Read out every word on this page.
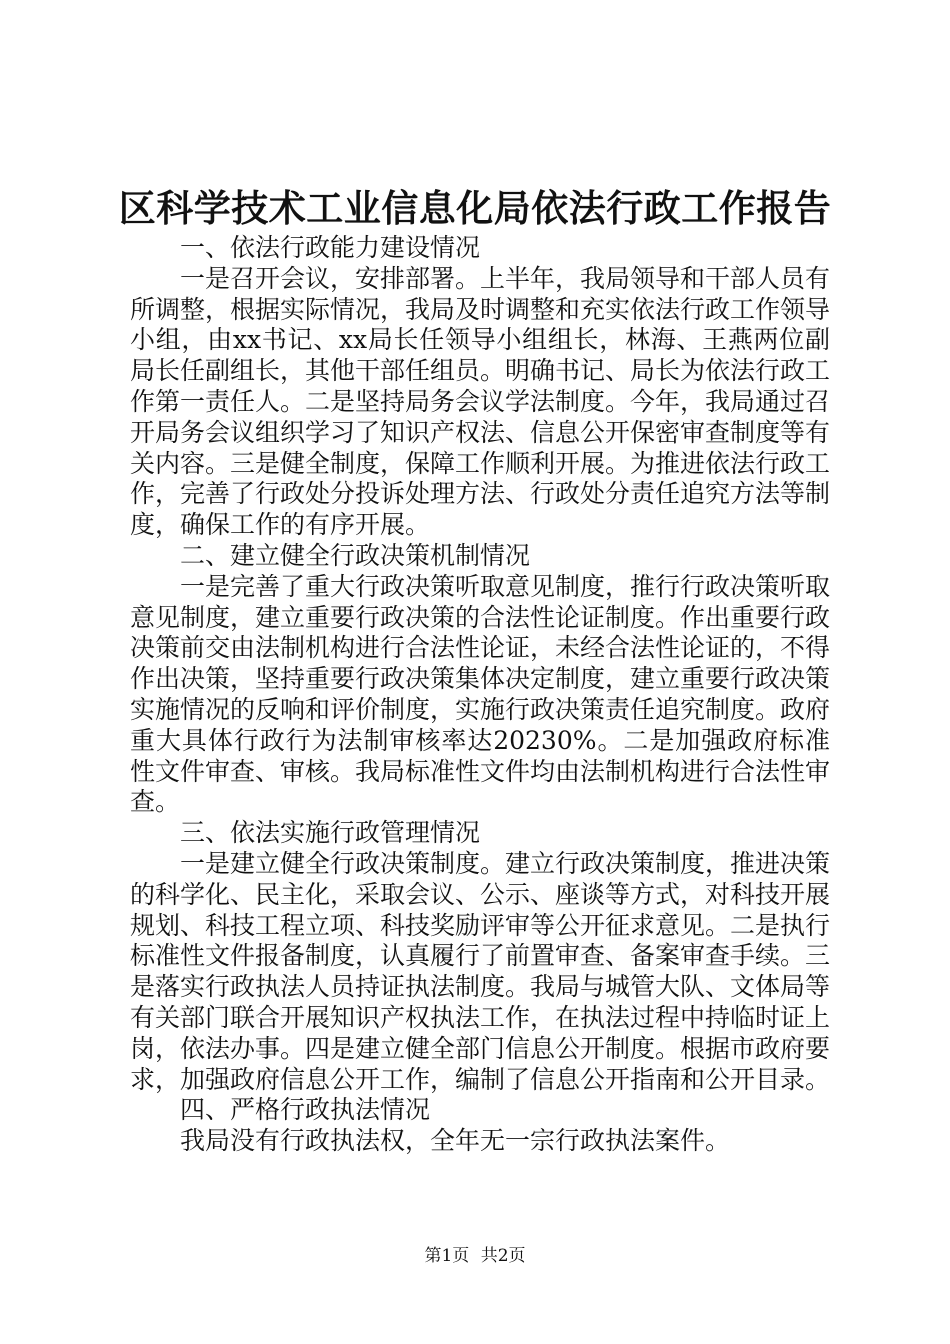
区科学技术工业信息化局依法行政工作报告

一、依法行政能力建设情况

一是召开会议，安排部署。上半年，我局领导和干部人员有所调整，根据实际情况，我局及时调整和充实依法行政工作领导小组，由xx书记、xx局长任领导小组组长，林海、王燕两位副局长任副组长，其他干部任组员。明确书记、局长为依法行政工作第一责任人。二是坚持局务会议学法制度。今年，我局通过召开局务会议组织学习了知识产权法、信息公开保密审查制度等有关内容。三是健全制度，保障工作顺利开展。为推进依法行政工作，完善了行政处分投诉处理方法、行政处分责任追究方法等制度，确保工作的有序开展。

二、建立健全行政决策机制情况

一是完善了重大行政决策听取意见制度，推行行政决策听取意见制度，建立重要行政决策的合法性论证制度。作出重要行政决策前交由法制机构进行合法性论证，未经合法性论证的，不得作出决策，坚持重要行政决策集体决定制度，建立重要行政决策实施情况的反响和评价制度，实施行政决策责任追究制度。政府重大具体行政行为法制审核率达20230%。二是加强政府标准性文件审查、审核。我局标准性文件均由法制机构进行合法性审查。

三、依法实施行政管理情况

一是建立健全行政决策制度。建立行政决策制度，推进决策的科学化、民主化，采取会议、公示、座谈等方式，对科技开展规划、科技工程立项、科技奖励评审等公开征求意见。二是执行标准性文件报备制度，认真履行了前置审查、备案审查手续。三是落实行政执法人员持证执法制度。我局与城管大队、文体局等有关部门联合开展知识产权执法工作，在执法过程中持临时证上岗，依法办事。四是建立健全部门信息公开制度。根据市政府要求，加强政府信息公开工作，编制了信息公开指南和公开目录。

四、严格行政执法情况

我局没有行政执法权，全年无一宗行政执法案件。

第1页 共2页
